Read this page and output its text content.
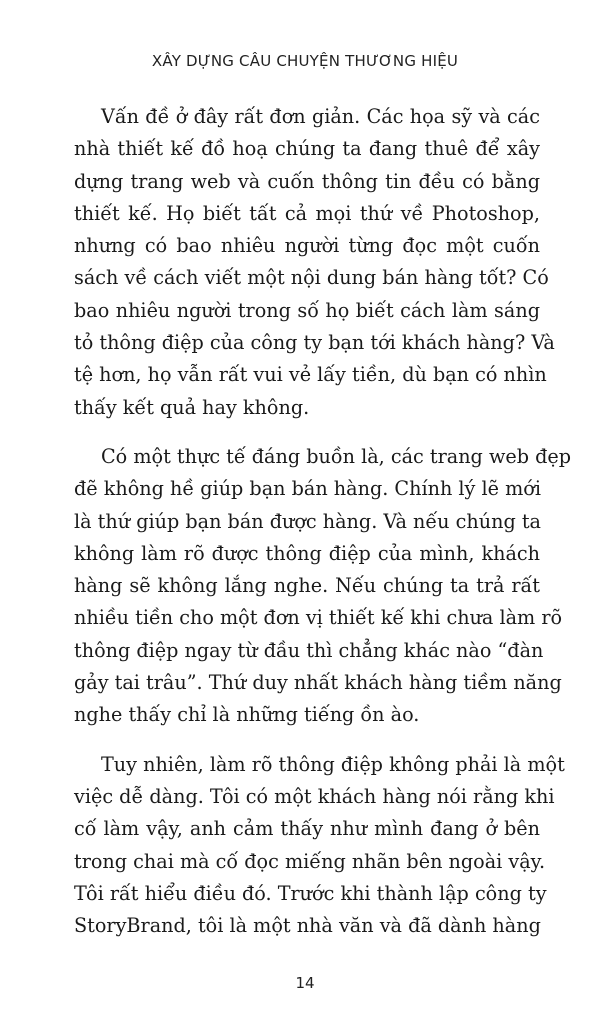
XÂY DỰNG CÂU CHUYỆN THƯƠNG HIỆU

Vấn đề ở đây rất đơn giản. Các họa sỹ và các
nhà thiết kế đồ hoạ chúng ta đang thuê để xây
dựng trang web và cuốn thông tin đều có bằng
thiết kế. Họ biết tất cả mọi thứ về Photoshop,
nhưng có bao nhiêu người từng đọc một cuốn
sách về cách viết một nội dung bán hàng tốt? Có
bao nhiêu người trong số họ biết cách làm sáng
tỏ thông điệp của công ty bạn tới khách hàng? Và
tệ hơn, họ vẫn rất vui vẻ lấy tiền, dù bạn có nhìn
thấy kết quả hay không.

Có một thực tế đáng buồn là, các trang web đẹp
đẽ không hề giúp bạn bán hàng. Chính lý lẽ mới
là thứ giúp bạn bán được hàng. Và nếu chúng ta
không làm rõ được thông điệp của mình, khách
hàng sẽ không lắng nghe. Nếu chúng ta trả rất
nhiều tiền cho một đơn vị thiết kế khi chưa làm rõ
thông điệp ngay từ đầu thì chẳng khác nào “đàn
gảy tai trâu”. Thứ duy nhất khách hàng tiềm năng
nghe thấy chỉ là những tiếng ồn ào.

Tuy nhiên, làm rõ thông điệp không phải là một
việc dễ dàng. Tôi có một khách hàng nói rằng khi
cố làm vậy, anh cảm thấy như mình đang ở bên
trong chai mà cố đọc miếng nhãn bên ngoài vậy.
Tôi rất hiểu điều đó. Trước khi thành lập công ty
StoryBrand, tôi là một nhà văn và đã dành hàng

14
